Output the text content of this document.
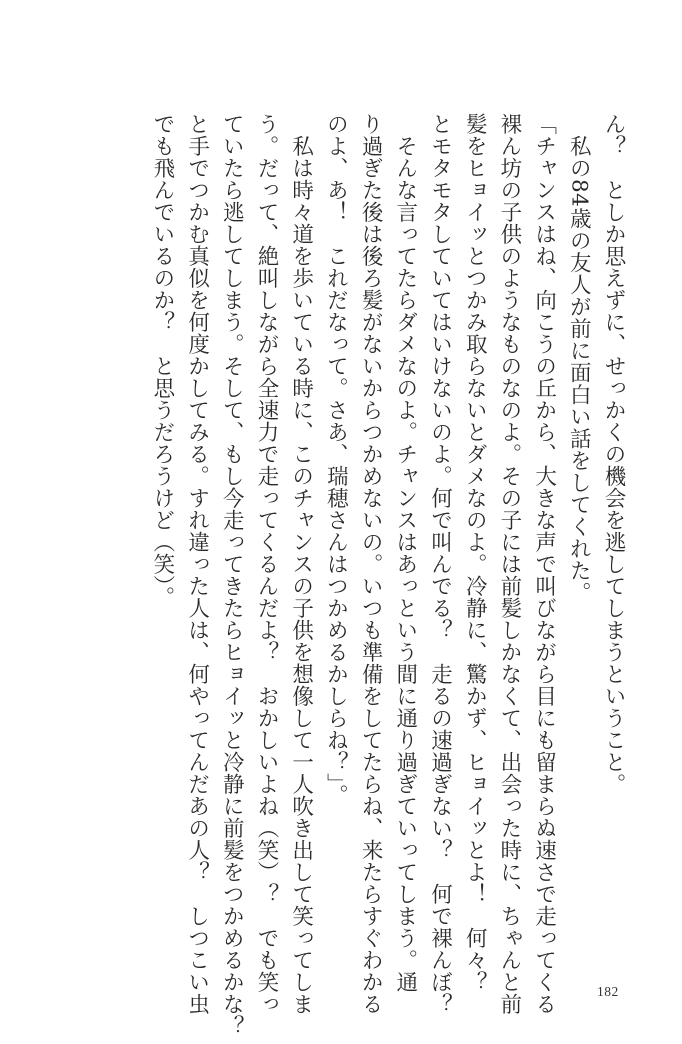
ん？　としか思えずに、せっかくの機会を逃してしまうということ。
　私の84歳の友人が前に面白い話をしてくれた。
「チャンスはね、向こうの丘から、大きな声で叫びながら目にも留まらぬ速さで走ってくる
裸ん坊の子供のようなものなのよ。その子には前髪しかなくて、出会った時に、ちゃんと前
髪をヒョイッとつかみ取らないとダメなのよ。冷静に、驚かず、ヒョイッとよ！　何々？
とモタモタしていてはいけないのよ。何で叫んでる？　走るの速過ぎない？　何で裸んぼ？
　そんな言ってたらダメなのよ。チャンスはあっという間に通り過ぎていってしまう。通
り過ぎた後は後ろ髪がないからつかめないの。いつも準備をしてたらね、来たらすぐわかる
のよ、あ！　これだなって。さあ、瑞穂さんはつかめるかしらね？」。
　私は時々道を歩いている時に、このチャンスの子供を想像して一人吹き出して笑ってしま
う。だって、絶叫しながら全速力で走ってくるんだよ？　おかしいよね（笑）？　でも笑っ
ていたら逃してしまう。そして、もし今走ってきたらヒョイッと冷静に前髪をつかめるかな？
と手でつかむ真似を何度かしてみる。すれ違った人は、何やってんだあの人？　しつこい虫
でも飛んでいるのか？　と思うだろうけど（笑）。
182
